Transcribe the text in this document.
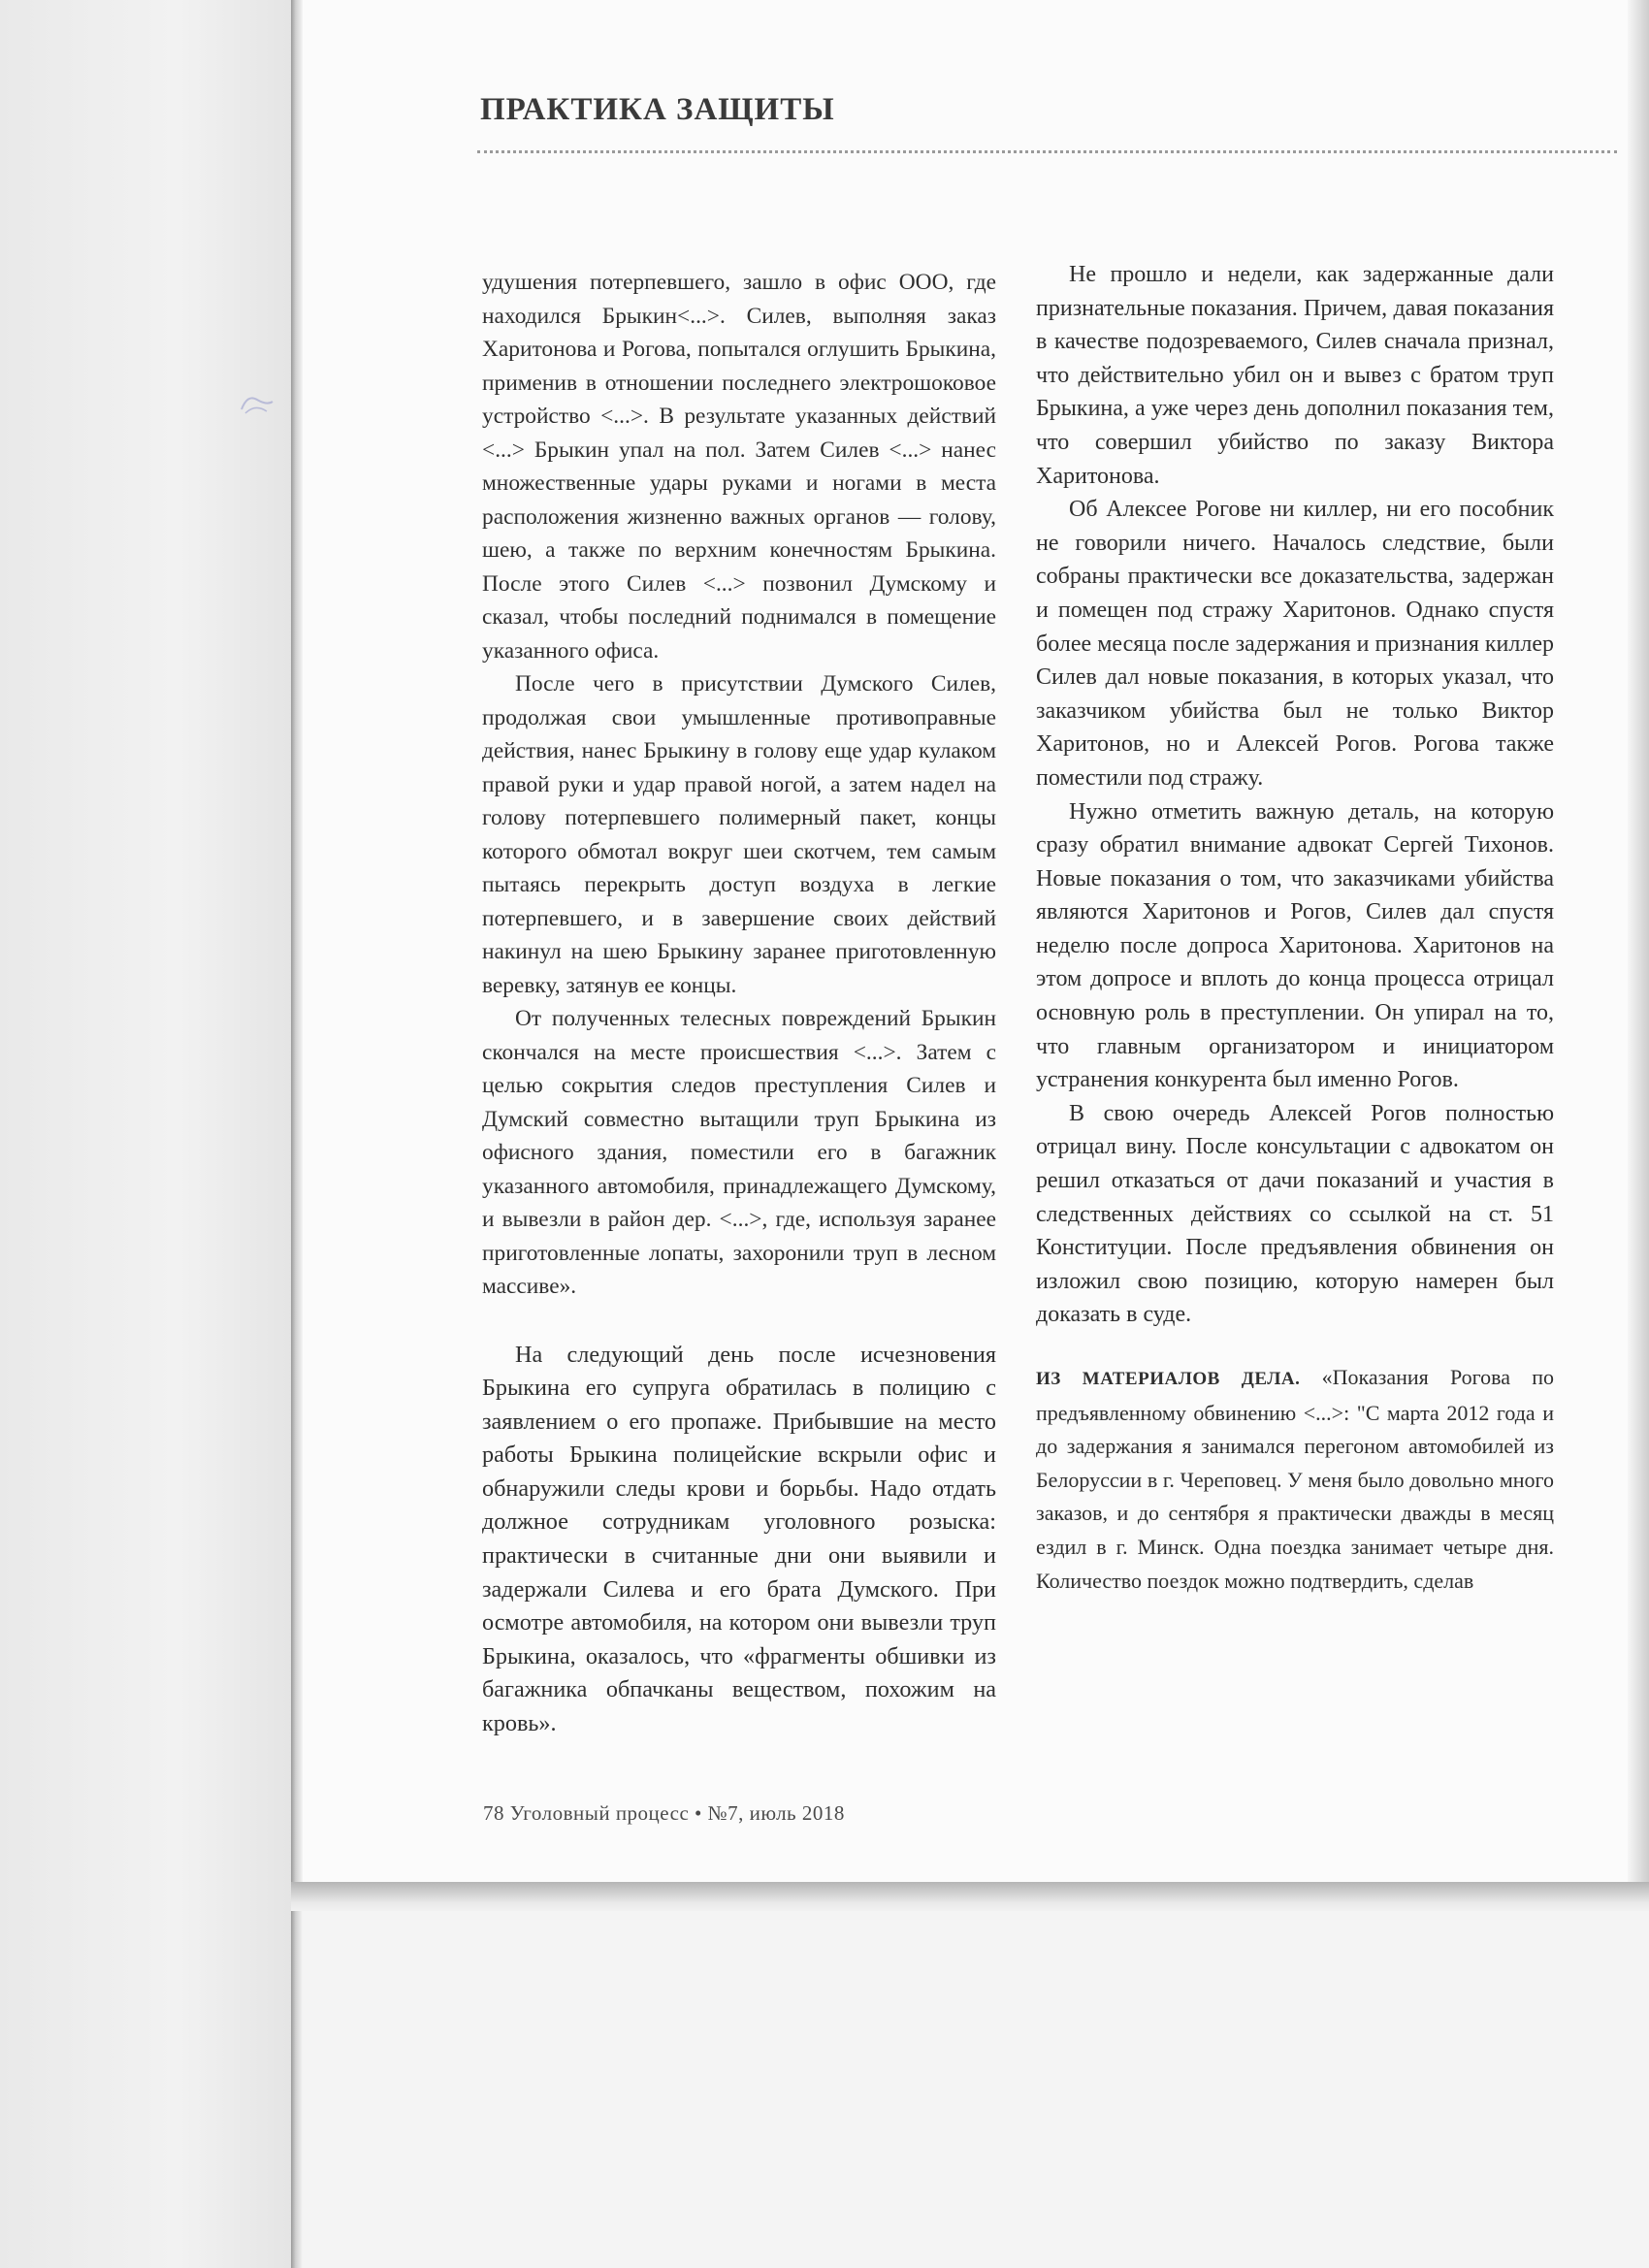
ПРАКТИКА ЗАЩИТЫ

удушения потерпевшего, зашло в офис ООО, где находился Брыкин<...>. Силев, выполняя заказ Харитонова и Рогова, попытался оглушить Брыкина, применив в отношении последнего электрошоковое устройство <...>. В результате указанных действий <...> Брыкин упал на пол. Затем Силев <...> нанес множественные удары руками и ногами в места расположения жизненно важных органов — голову, шею, а также по верхним конечностям Брыкина. После этого Силев <...> позвонил Думскому и сказал, чтобы последний поднимался в помещение указанного офиса.

После чего в присутствии Думского Силев, продолжая свои умышленные противоправные действия, нанес Брыкину в голову еще удар кулаком правой руки и удар правой ногой, а затем надел на голову потерпевшего полимерный пакет, концы которого обмотал вокруг шеи скотчем, тем самым пытаясь перекрыть доступ воздуха в легкие потерпевшего, и в завершение своих действий накинул на шею Брыкину заранее приготовленную веревку, затянув ее концы.

От полученных телесных повреждений Брыкин скончался на месте происшествия <...>. Затем с целью сокрытия следов преступления Силев и Думский совместно вытащили труп Брыкина из офисного здания, поместили его в багажник указанного автомобиля, принадлежащего Думскому, и вывезли в район дер. <...>, где, используя заранее приготовленные лопаты, захоронили труп в лесном массиве».

На следующий день после исчезновения Брыкина его супруга обратилась в полицию с заявлением о его пропаже. Прибывшие на место работы Брыкина полицейские вскрыли офис и обнаружили следы крови и борьбы. Надо отдать должное сотрудникам уголовного розыска: практически в считанные дни они выявили и задержали Силева и его брата Думского. При осмотре автомобиля, на котором они вывезли труп Брыкина, оказалось, что «фрагменты обшивки из багажника обпачканы веществом, похожим на кровь».

Не прошло и недели, как задержанные дали признательные показания. Причем, давая показания в качестве подозреваемого, Силев сначала признал, что действительно убил он и вывез с братом труп Брыкина, а уже через день дополнил показания тем, что совершил убийство по заказу Виктора Харитонова.

Об Алексее Рогове ни киллер, ни его пособник не говорили ничего. Началось следствие, были собраны практически все доказательства, задержан и помещен под стражу Харитонов. Однако спустя более месяца после задержания и признания киллер Силев дал новые показания, в которых указал, что заказчиком убийства был не только Виктор Харитонов, но и Алексей Рогов. Рогова также поместили под стражу.

Нужно отметить важную деталь, на которую сразу обратил внимание адвокат Сергей Тихонов. Новые показания о том, что заказчиками убийства являются Харитонов и Рогов, Силев дал спустя неделю после допроса Харитонова. Харитонов на этом допросе и вплоть до конца процесса отрицал основную роль в преступлении. Он упирал на то, что главным организатором и инициатором устранения конкурента был именно Рогов.

В свою очередь Алексей Рогов полностью отрицал вину. После консультации с адвокатом он решил отказаться от дачи показаний и участия в следственных действиях со ссылкой на ст. 51 Конституции. После предъявления обвинения он изложил свою позицию, которую намерен был доказать в суде.

ИЗ МАТЕРИАЛОВ ДЕЛА. «Показания Рогова по предъявленному обвинению <...>: "С марта 2012 года и до задержания я занимался перегоном автомобилей из Белоруссии в г. Череповец. У меня было довольно много заказов, и до сентября я практически дважды в месяц ездил в г. Минск. Одна поездка занимает четыре дня. Количество поездок можно подтвердить, сделав

78 Уголовный процесс • №7, июль 2018
